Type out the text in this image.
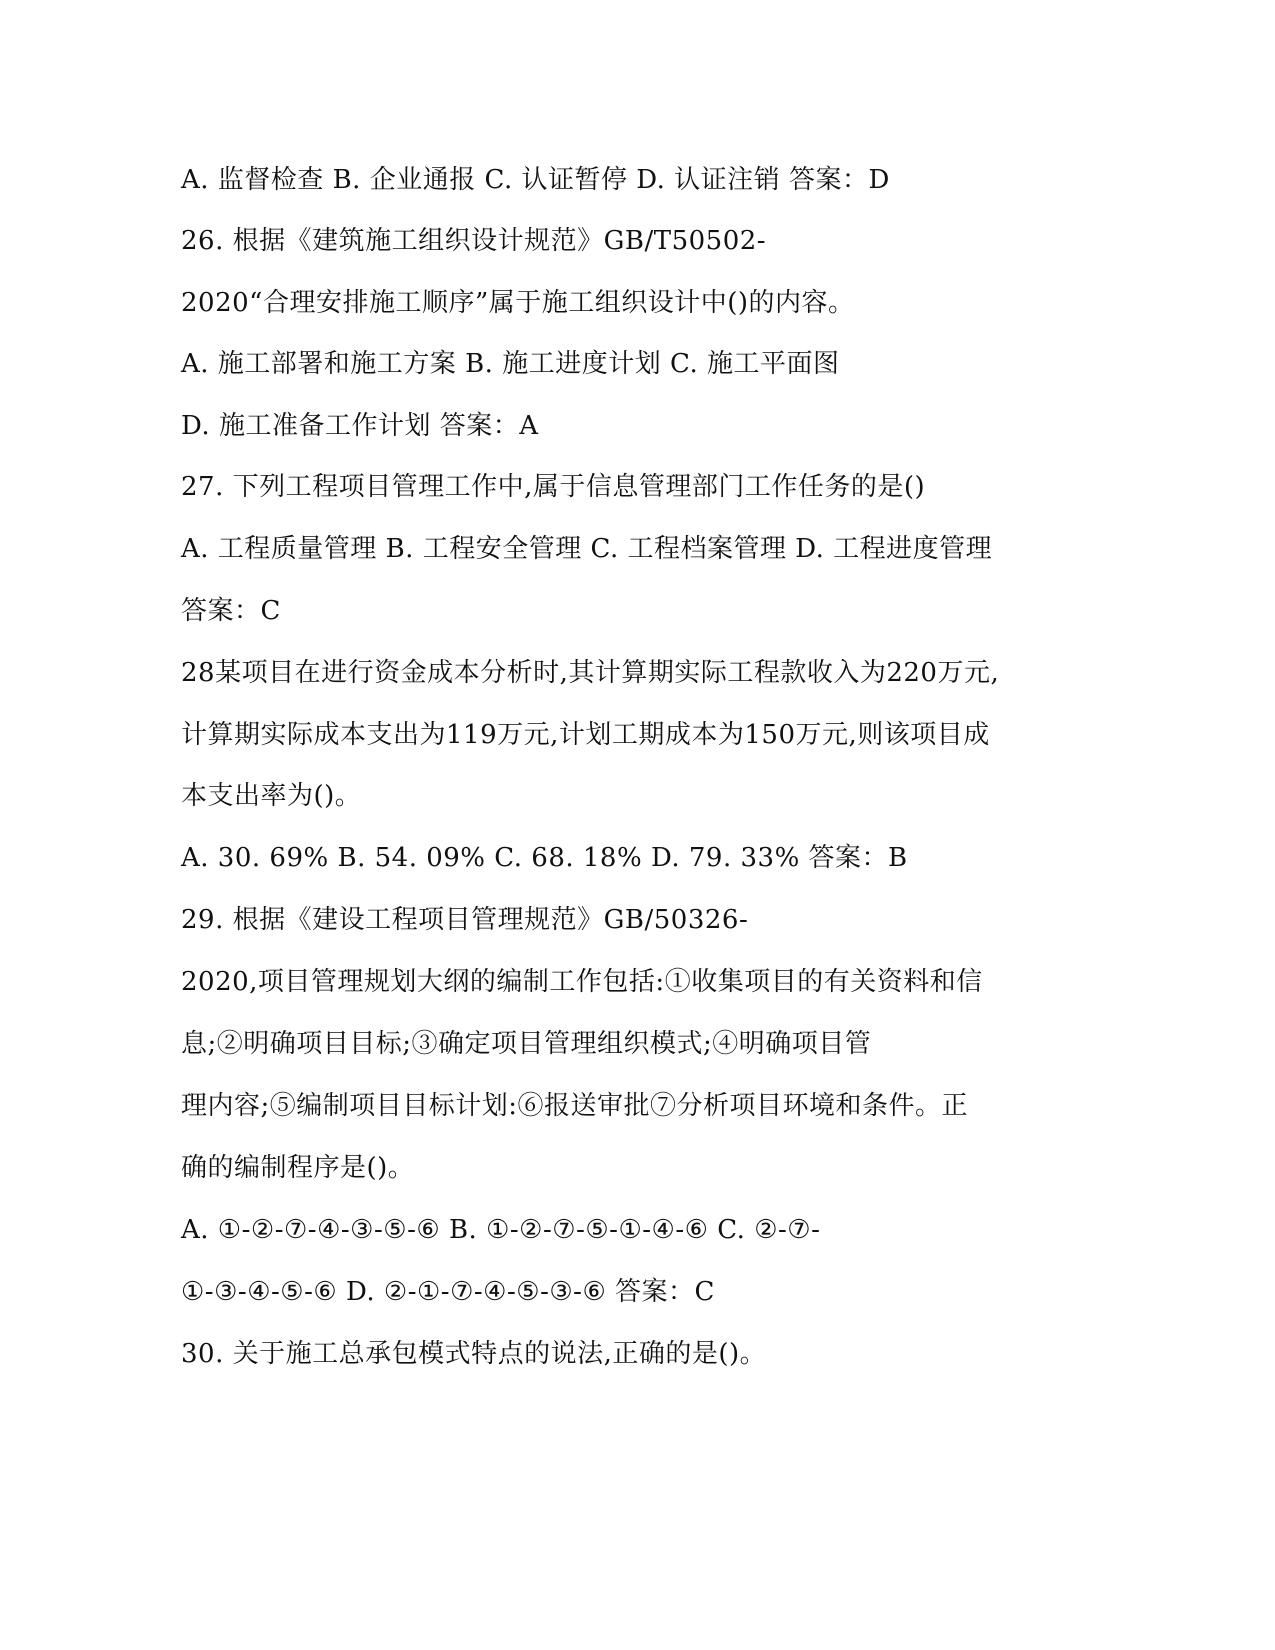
A. 监督检查 B. 企业通报 C. 认证暂停 D. 认证注销 答案：D
26. 根据《建筑施工组织设计规范》GB/T50502-
2020“合理安排施工顺序”属于施工组织设计中()的内容。
A. 施工部署和施工方案 B. 施工进度计划 C. 施工平面图
D. 施工准备工作计划 答案：A
27. 下列工程项目管理工作中,属于信息管理部门工作任务的是()
A. 工程质量管理 B. 工程安全管理 C. 工程档案管理 D. 工程进度管理
答案：C
28某项目在进行资金成本分析时,其计算期实际工程款收入为220万元,
计算期实际成本支出为119万元,计划工期成本为150万元,则该项目成
本支出率为()。
A. 30. 69% B. 54. 09% C. 68. 18% D. 79. 33% 答案：B
29. 根据《建设工程项目管理规范》GB/50326-
2020,项目管理规划大纲的编制工作包括:①收集项目的有关资料和信
息;②明确项目目标;③确定项目管理组织模式;④明确项目管
理内容;⑤编制项目目标计划:⑥报送审批⑦分析项目环境和条件。正
确的编制程序是()。
A. ①-②-⑦-④-③-⑤-⑥ B. ①-②-⑦-⑤-①-④-⑥ C. ②-⑦-
①-③-④-⑤-⑥ D. ②-①-⑦-④-⑤-③-⑥ 答案：C
30. 关于施工总承包模式特点的说法,正确的是()。
